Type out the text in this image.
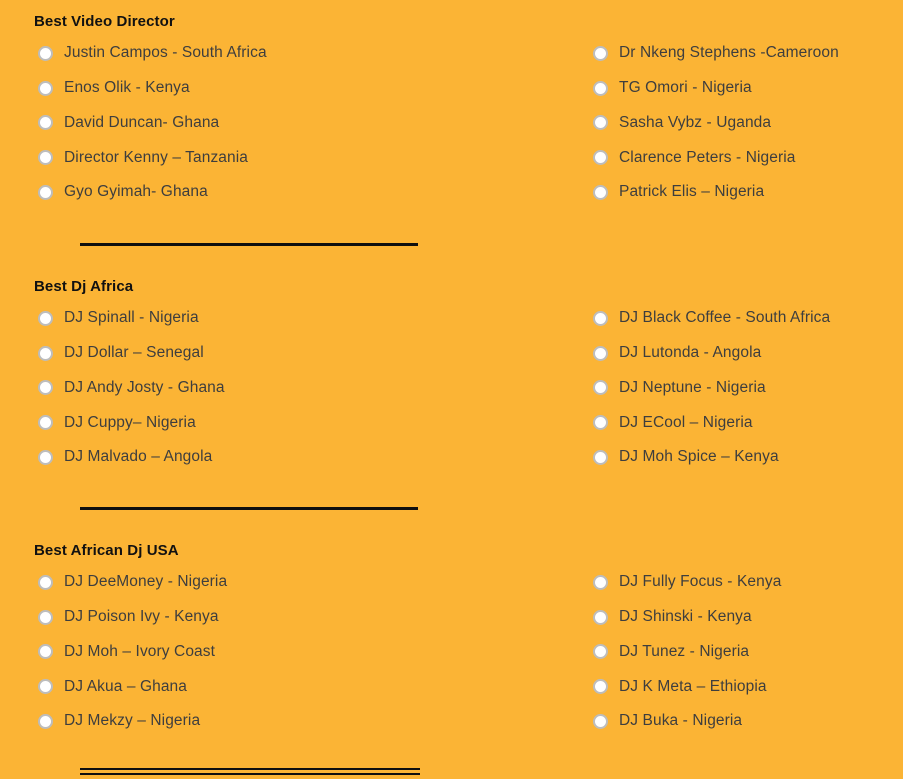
Best Video Director
Justin Campos - South Africa
Enos Olik - Kenya
David Duncan- Ghana
Director Kenny – Tanzania
Gyo Gyimah- Ghana
Dr Nkeng Stephens -Cameroon
TG Omori - Nigeria
Sasha Vybz - Uganda
Clarence Peters - Nigeria
Patrick Elis – Nigeria
Best Dj Africa
DJ Spinall - Nigeria
DJ Dollar – Senegal
DJ Andy Josty - Ghana
DJ Cuppy– Nigeria
DJ Malvado – Angola
DJ Black Coffee - South Africa
DJ Lutonda - Angola
DJ Neptune - Nigeria
DJ ECool – Nigeria
DJ Moh Spice – Kenya
Best African Dj USA
DJ DeeMoney - Nigeria
DJ Poison Ivy - Kenya
DJ Moh – Ivory Coast
DJ Akua – Ghana
DJ Mekzy – Nigeria
DJ Fully Focus - Kenya
DJ Shinski - Kenya
DJ Tunez - Nigeria
DJ K Meta – Ethiopia
DJ Buka - Nigeria
